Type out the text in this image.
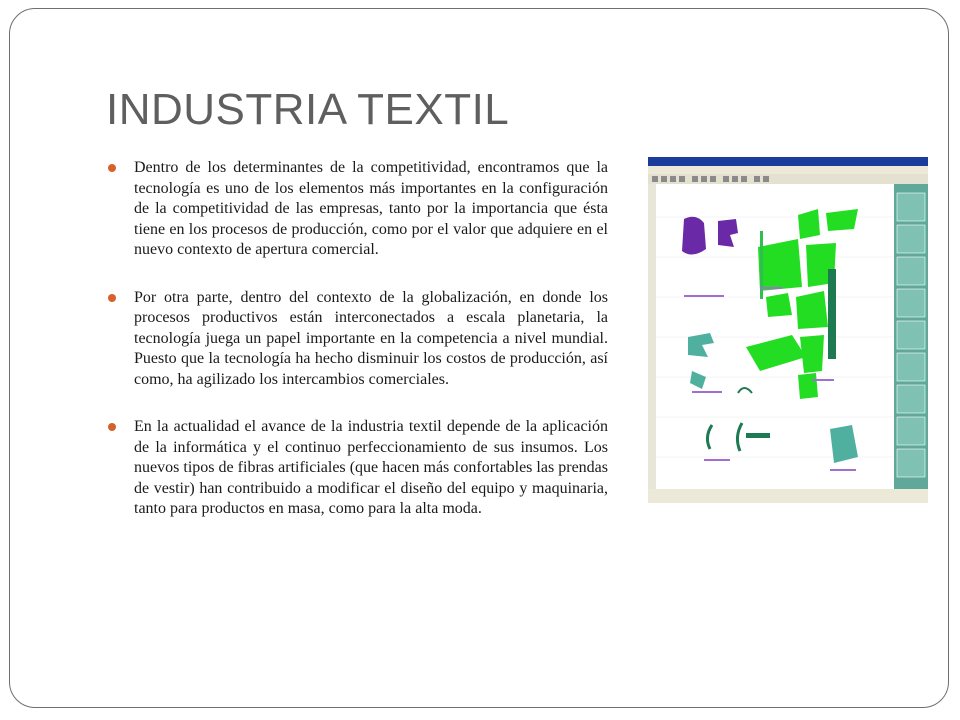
INDUSTRIA TEXTIL

Dentro de los determinantes de la competitividad, encontramos que la tecnología es uno de los elementos más importantes en la configuración de la competitividad de las empresas, tanto por la importancia que ésta tiene en los procesos de producción, como por el valor que adquiere en el nuevo contexto de apertura comercial.

Por otra parte, dentro del contexto de la globalización, en donde los procesos productivos están interconectados a escala planetaria, la tecnología juega un papel importante en la competencia a nivel mundial. Puesto que la tecnología ha hecho disminuir los costos de producción, así como, ha agilizado los intercambios comerciales.

En la actualidad el avance de la industria textil depende de la aplicación de la informática y el continuo perfeccionamiento de sus insumos. Los nuevos tipos de fibras artificiales (que hacen más confortables las prendas de vestir) han contribuido a modificar el diseño del equipo y maquinaria, tanto para productos en masa, como para la alta moda.
